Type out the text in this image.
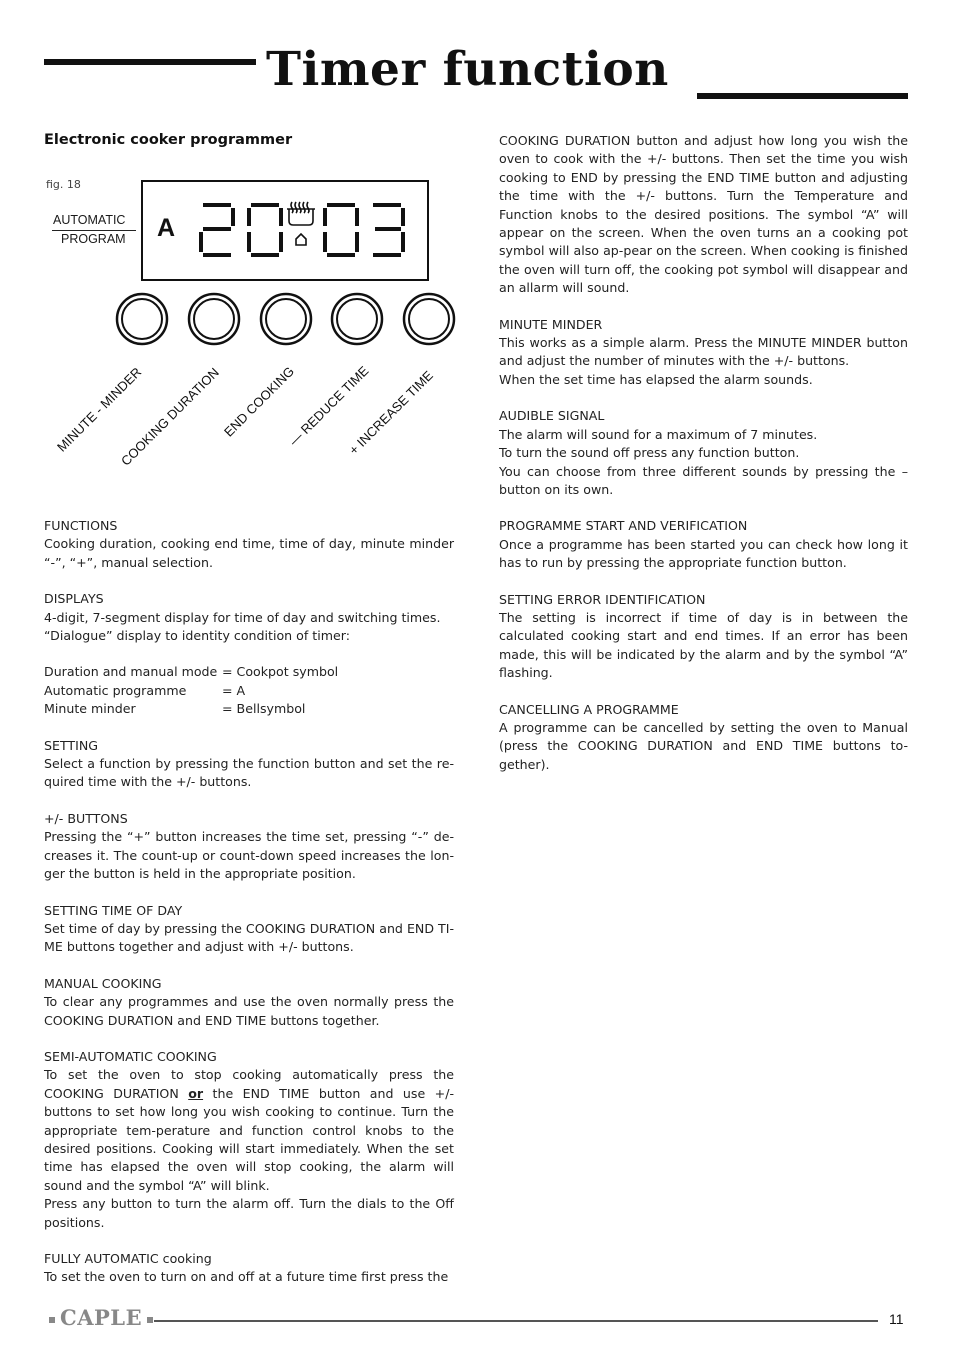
Timer function
Electronic cooker programmer
fig. 18
AUTOMATIC
PROGRAM A
MINUTE - MINDER
COOKING DURATION END COOKING
— REDUCE TIME
+ INCREASE TIME

FUNCTIONS

Cooking duration, cooking end time, time of day, minute minder “-”, “+”, manual selection.

DISPLAYS

4-digit, 7-segment display for time of day and switching times.

“Dialogue” display to identity condition of timer:

Duration and manual mode = Cookpot symbol
Automatic programme	= A
Minute minder	= Bellsymbol

SETTING

Select a function by pressing the function button and set the re-quired time with the +/- buttons.

+/- BUTTONS

Pressing the “+” button increases the time set, pressing “-” de-creases it. The count-up or count-down speed increases the lon-ger the button is held in the appropriate position.

SETTING TIME OF DAY

Set time of day by pressing the COOKING DURATION and END TI-ME buttons together and adjust with +/- buttons.

MANUAL COOKING

To clear any programmes and use the oven normally press the COOKING DURATION and END TIME buttons together.

SEMI-AUTOMATIC COOKING

To set the oven to stop cooking automatically press the COOKING DURATION or the END TIME button and use +/- buttons to set how long you wish cooking to continue. Turn the appropriate tem-perature and function control knobs to the desired positions. Cooking will start immediately. When the set time has elapsed the oven will stop cooking, the alarm will sound and the symbol “A” will blink.

Press any button to turn the alarm off. Turn the dials to the Off positions.

FULLY AUTOMATIC cooking

To set the oven to turn on and off at a future time first press the

COOKING DURATION button and adjust how long you wish the oven to cook with the +/- buttons. Then set the time you wish cooking to END by pressing the END TIME button and adjusting the time with the +/- buttons. Turn the Temperature and Function knobs to the desired positions. The symbol “A” will appear on the screen. When the oven turns an a cooking pot symbol will also ap-pear on the screen. When cooking is finished the oven will turn off, the cooking pot symbol will disappear and an allarm will sound.

MINUTE MINDER

This works as a simple alarm. Press the MINUTE MINDER button and adjust the number of minutes with the +/- buttons.

When the set time has elapsed the alarm sounds.

AUDIBLE SIGNAL

The alarm will sound for a maximum of 7 minutes.

To turn the sound off press any function button.

You can choose from three different sounds by pressing the – button on its own.

PROGRAMME START AND VERIFICATION

Once a programme has been started you can check how long it has to run by pressing the appropriate function button.

SETTING ERROR IDENTIFICATION

The setting is incorrect if time of day is in between the calculated cooking start and end times. If an error has been made, this will be indicated by the alarm and by the symbol “A” flashing.

CANCELLING A PROGRAMME

A programme can be cancelled by setting the oven to Manual (press the COOKING DURATION and END TIME buttons to-gether).

CAPLE	11
